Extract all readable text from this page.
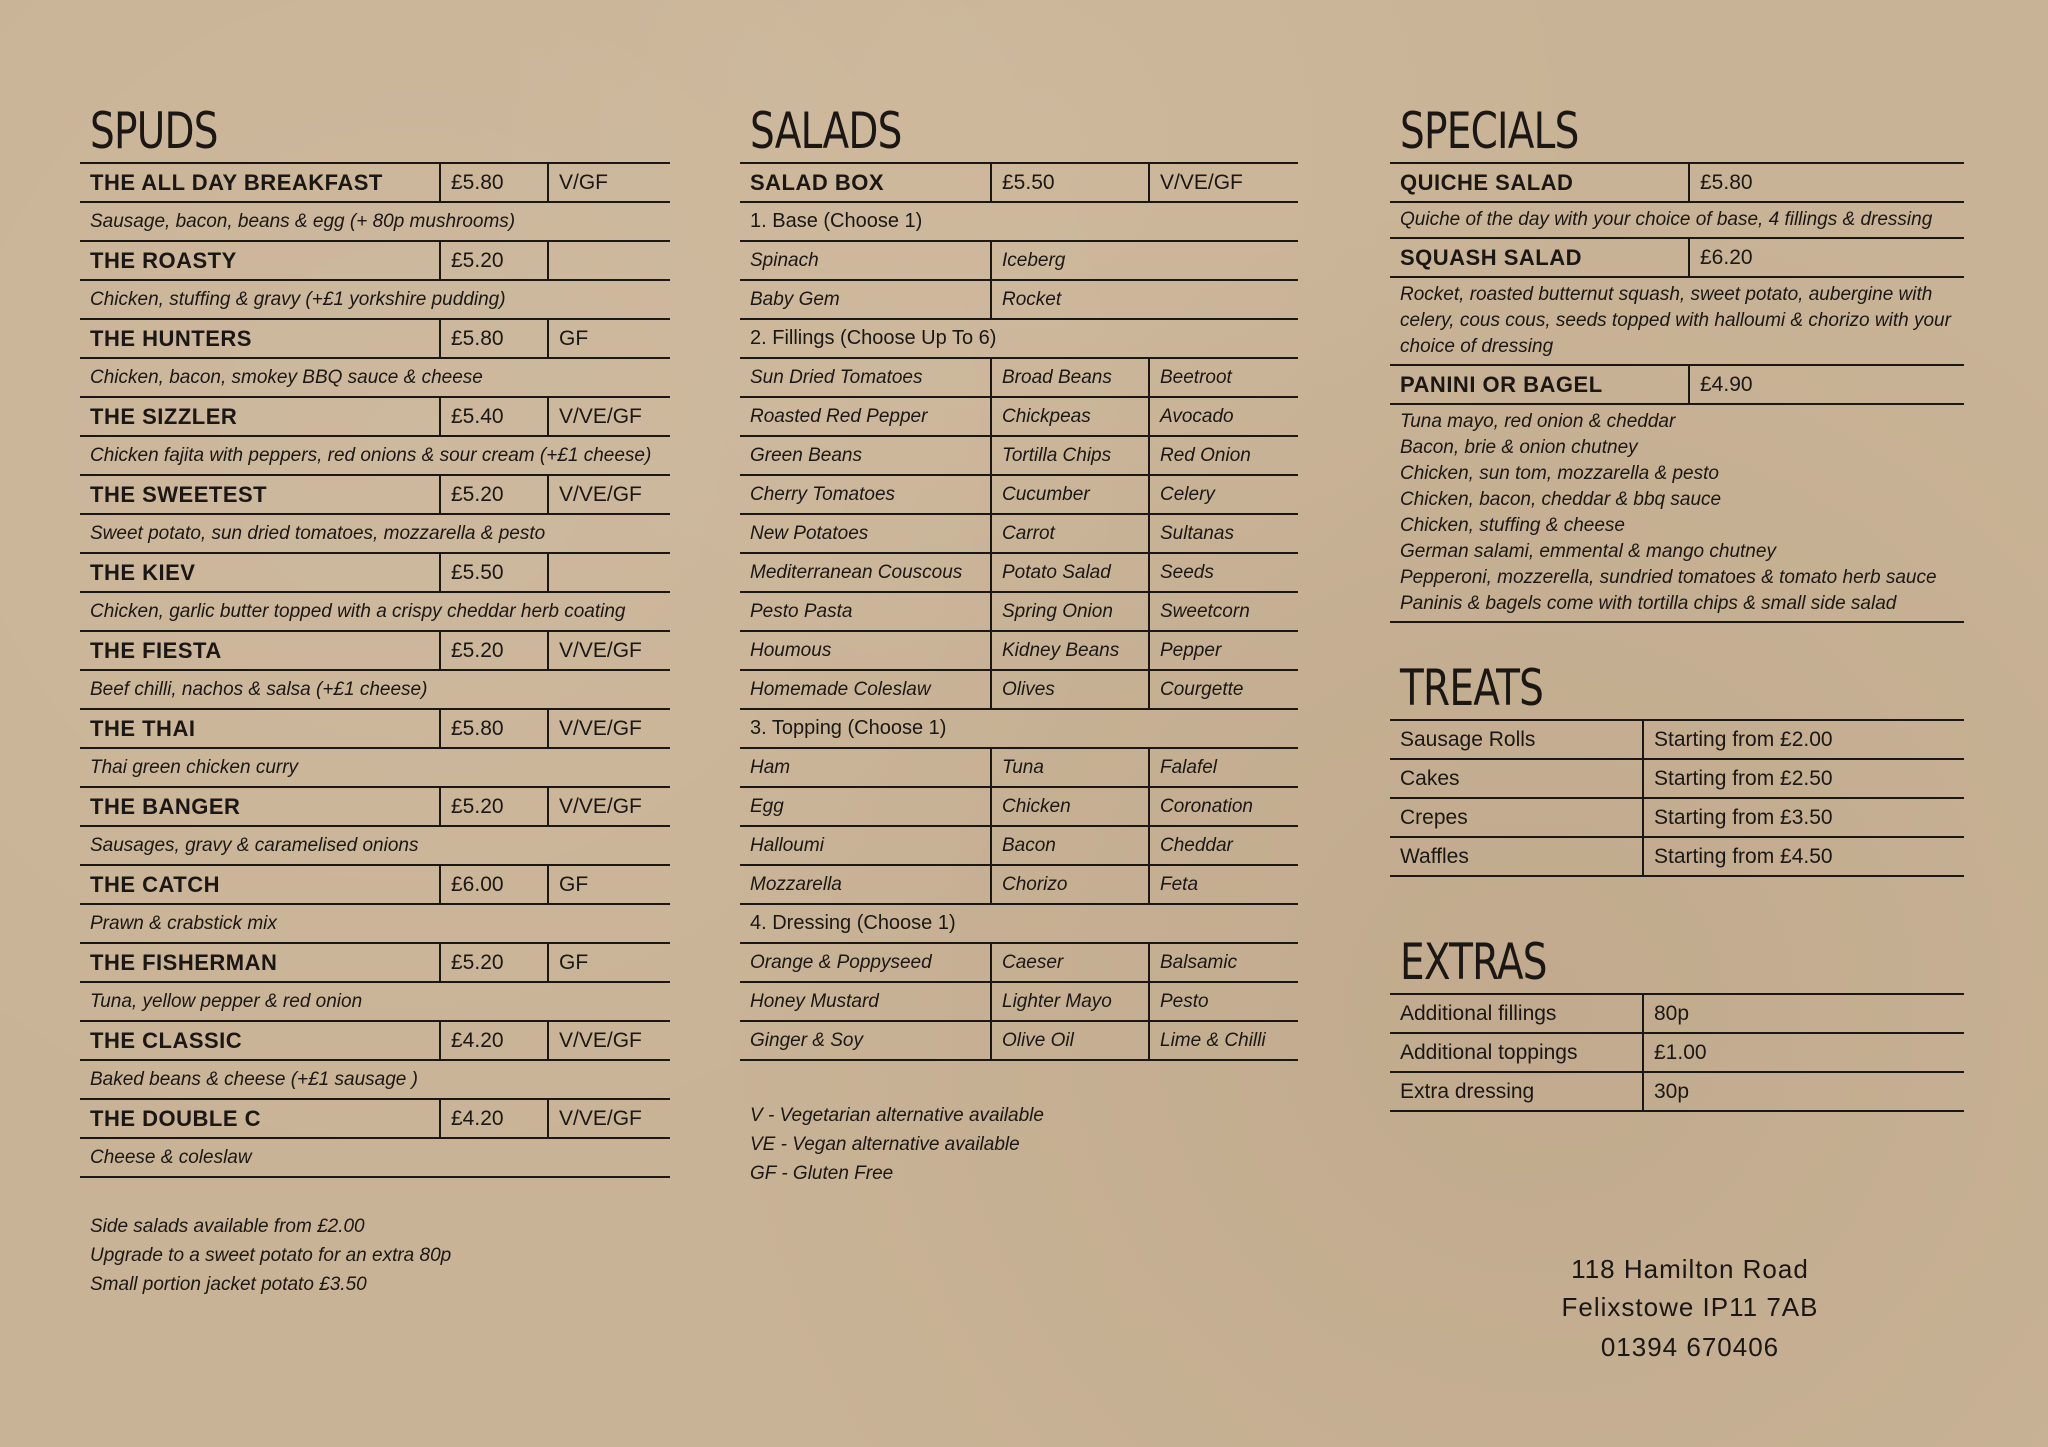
SPUDS
THE ALL DAY BREAKFAST	£5.80	V/GF
Sausage, bacon, beans & egg (+ 80p mushrooms)
THE ROASTY	£5.20
Chicken, stuffing & gravy (+£1 yorkshire pudding)
THE HUNTERS	£5.80	GF
Chicken, bacon, smokey BBQ sauce & cheese
THE SIZZLER	£5.40	V/VE/GF
Chicken fajita with peppers, red onions & sour cream (+£1 cheese)
THE SWEETEST	£5.20	V/VE/GF
Sweet potato, sun dried tomatoes, mozzarella & pesto
THE KIEV	£5.50
Chicken, garlic butter topped with a crispy cheddar herb coating
THE FIESTA	£5.20	V/VE/GF
Beef chilli, nachos & salsa (+£1 cheese)
THE THAI	£5.80	V/VE/GF
Thai green chicken curry
THE BANGER	£5.20	V/VE/GF
Sausages, gravy & caramelised onions
THE CATCH	£6.00	GF
Prawn & crabstick mix
THE FISHERMAN	£5.20	GF
Tuna, yellow pepper & red onion
THE CLASSIC	£4.20	V/VE/GF
Baked beans & cheese (+£1 sausage )
THE DOUBLE C	£4.20	V/VE/GF
Cheese & coleslaw
Side salads available from £2.00
Upgrade to a sweet potato for an extra 80p
Small portion jacket potato £3.50
SALADS
SALAD BOX	£5.50	V/VE/GF
1. Base (Choose 1)
Spinach	Iceberg
Baby Gem	Rocket
2. Fillings (Choose Up To 6)
Sun Dried Tomatoes	Broad Beans	Beetroot
Roasted Red Pepper	Chickpeas	Avocado
Green Beans	Tortilla Chips	Red Onion
Cherry Tomatoes	Cucumber	Celery
New Potatoes	Carrot	Sultanas
Mediterranean Couscous	Potato Salad	Seeds
Pesto Pasta	Spring Onion	Sweetcorn
Houmous	Kidney Beans	Pepper
Homemade Coleslaw	Olives	Courgette
3. Topping (Choose 1)
Ham	Tuna	Falafel
Egg	Chicken	Coronation
Halloumi	Bacon	Cheddar
Mozzarella	Chorizo	Feta
4. Dressing (Choose 1)
Orange & Poppyseed	Caeser	Balsamic
Honey Mustard	Lighter Mayo	Pesto
Ginger & Soy	Olive Oil	Lime & Chilli
V - Vegetarian alternative available
VE - Vegan alternative available
GF - Gluten Free
SPECIALS
QUICHE SALAD	£5.80
Quiche of the day with your choice of base, 4 fillings & dressing
SQUASH SALAD	£6.20
Rocket, roasted butternut squash, sweet potato, aubergine with celery, cous cous, seeds topped with halloumi & chorizo with your choice of dressing
PANINI OR BAGEL	£4.90
Tuna mayo, red onion & cheddar
Bacon, brie & onion chutney
Chicken, sun tom, mozzarella & pesto
Chicken, bacon, cheddar & bbq sauce
Chicken, stuffing & cheese
German salami, emmental & mango chutney
Pepperoni, mozzerella, sundried tomatoes & tomato herb sauce
Paninis & bagels come with tortilla chips & small side salad
TREATS
Sausage Rolls	Starting from £2.00
Cakes	Starting from £2.50
Crepes	Starting from £3.50
Waffles	Starting from £4.50
EXTRAS
Additional fillings	80p
Additional toppings	£1.00
Extra dressing	30p
118 Hamilton Road
Felixstowe IP11 7AB
01394 670406
